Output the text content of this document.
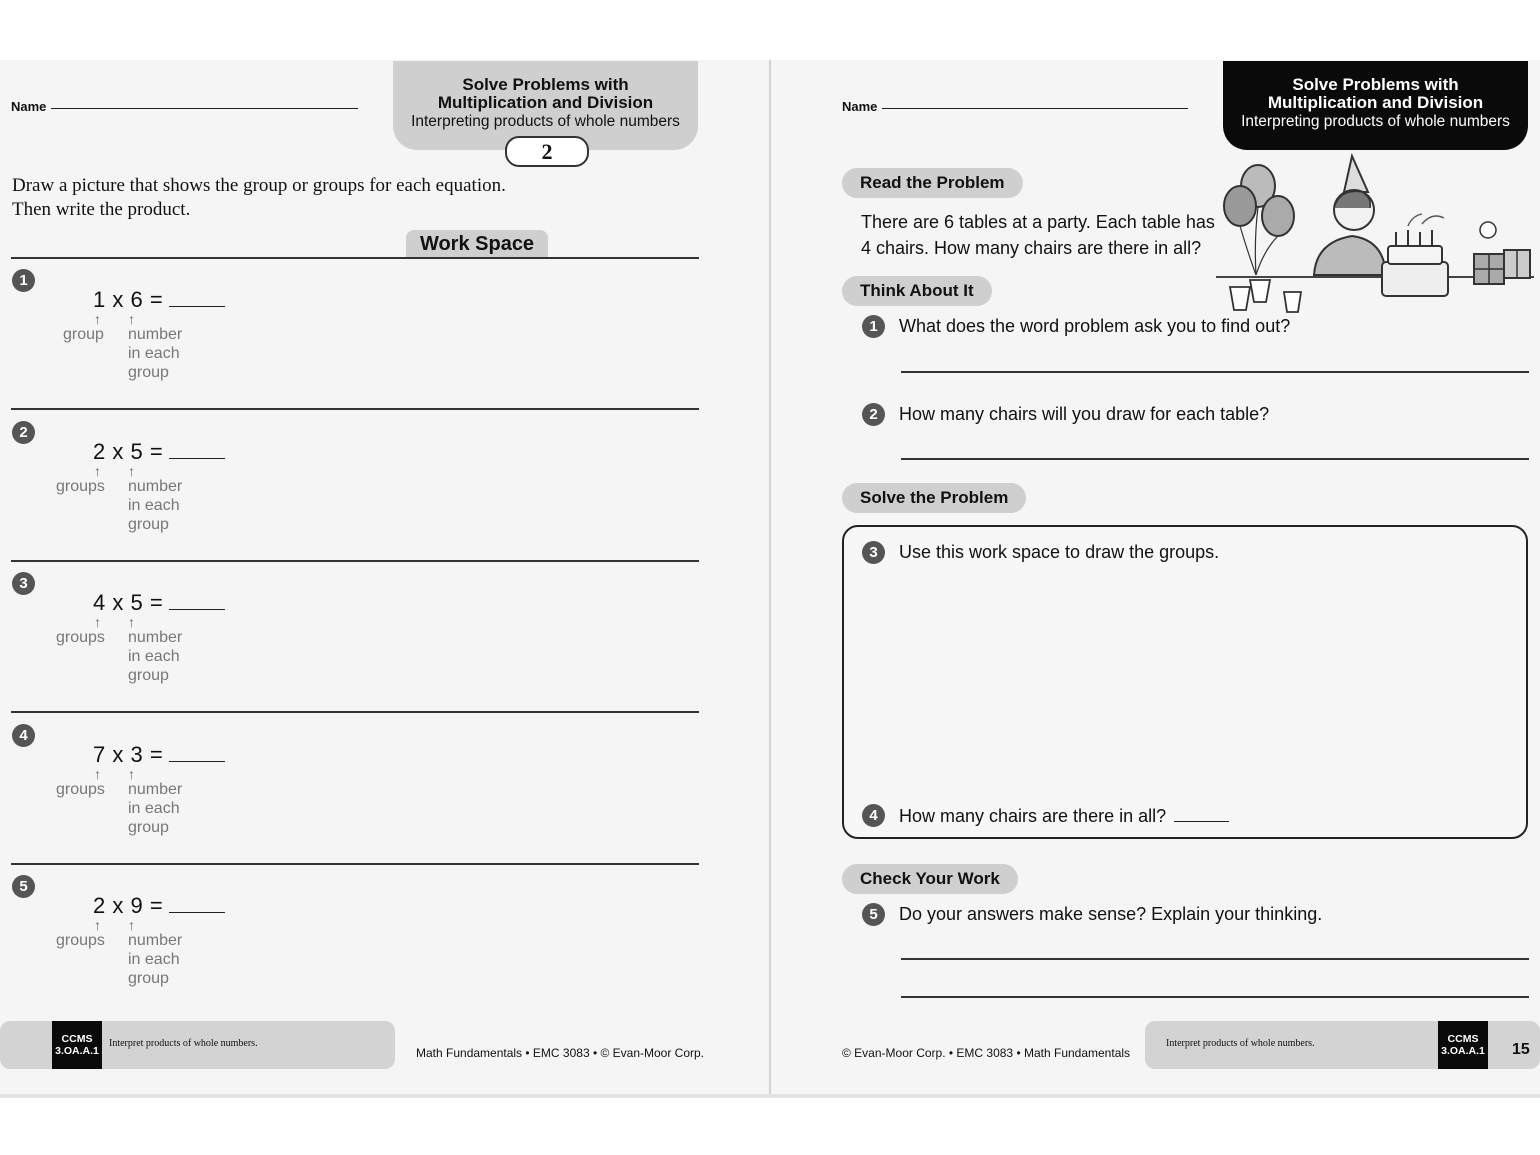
Name
Solve Problems with
Multiplication and Division
Interpreting products of whole numbers
2
Draw a picture that shows the group or groups for each equation.
Then write the product.
Work Space
1
1 x 6 =
↑ ↑
group number
in each
group
2
2 x 5 =
↑ ↑
groups number
in each
group
3
4 x 5 =
↑ ↑
groups number
in each
group
4
7 x 3 =
↑ ↑
groups number
in each
group
5
2 x 9 =
↑ ↑
groups number
in each
group
CCMS
3.OA.A.1
Interpret products of whole numbers.
Math Fundamentals • EMC 3083 • © Evan-Moor Corp.
Name
Solve Problems with
Multiplication and Division
Interpreting products of whole numbers
Read the Problem
There are 6 tables at a party. Each table has
4 chairs. How many chairs are there in all?
Think About It
1	What does the word problem ask you to find out?
2	How many chairs will you draw for each table?
Solve the Problem
3	Use this work space to draw the groups.
4	How many chairs are there in all?
Check Your Work
5	Do your answers make sense? Explain your thinking.
© Evan-Moor Corp. • EMC 3083 • Math Fundamentals
Interpret products of whole numbers.	CCMS
3.OA.A.1 15
